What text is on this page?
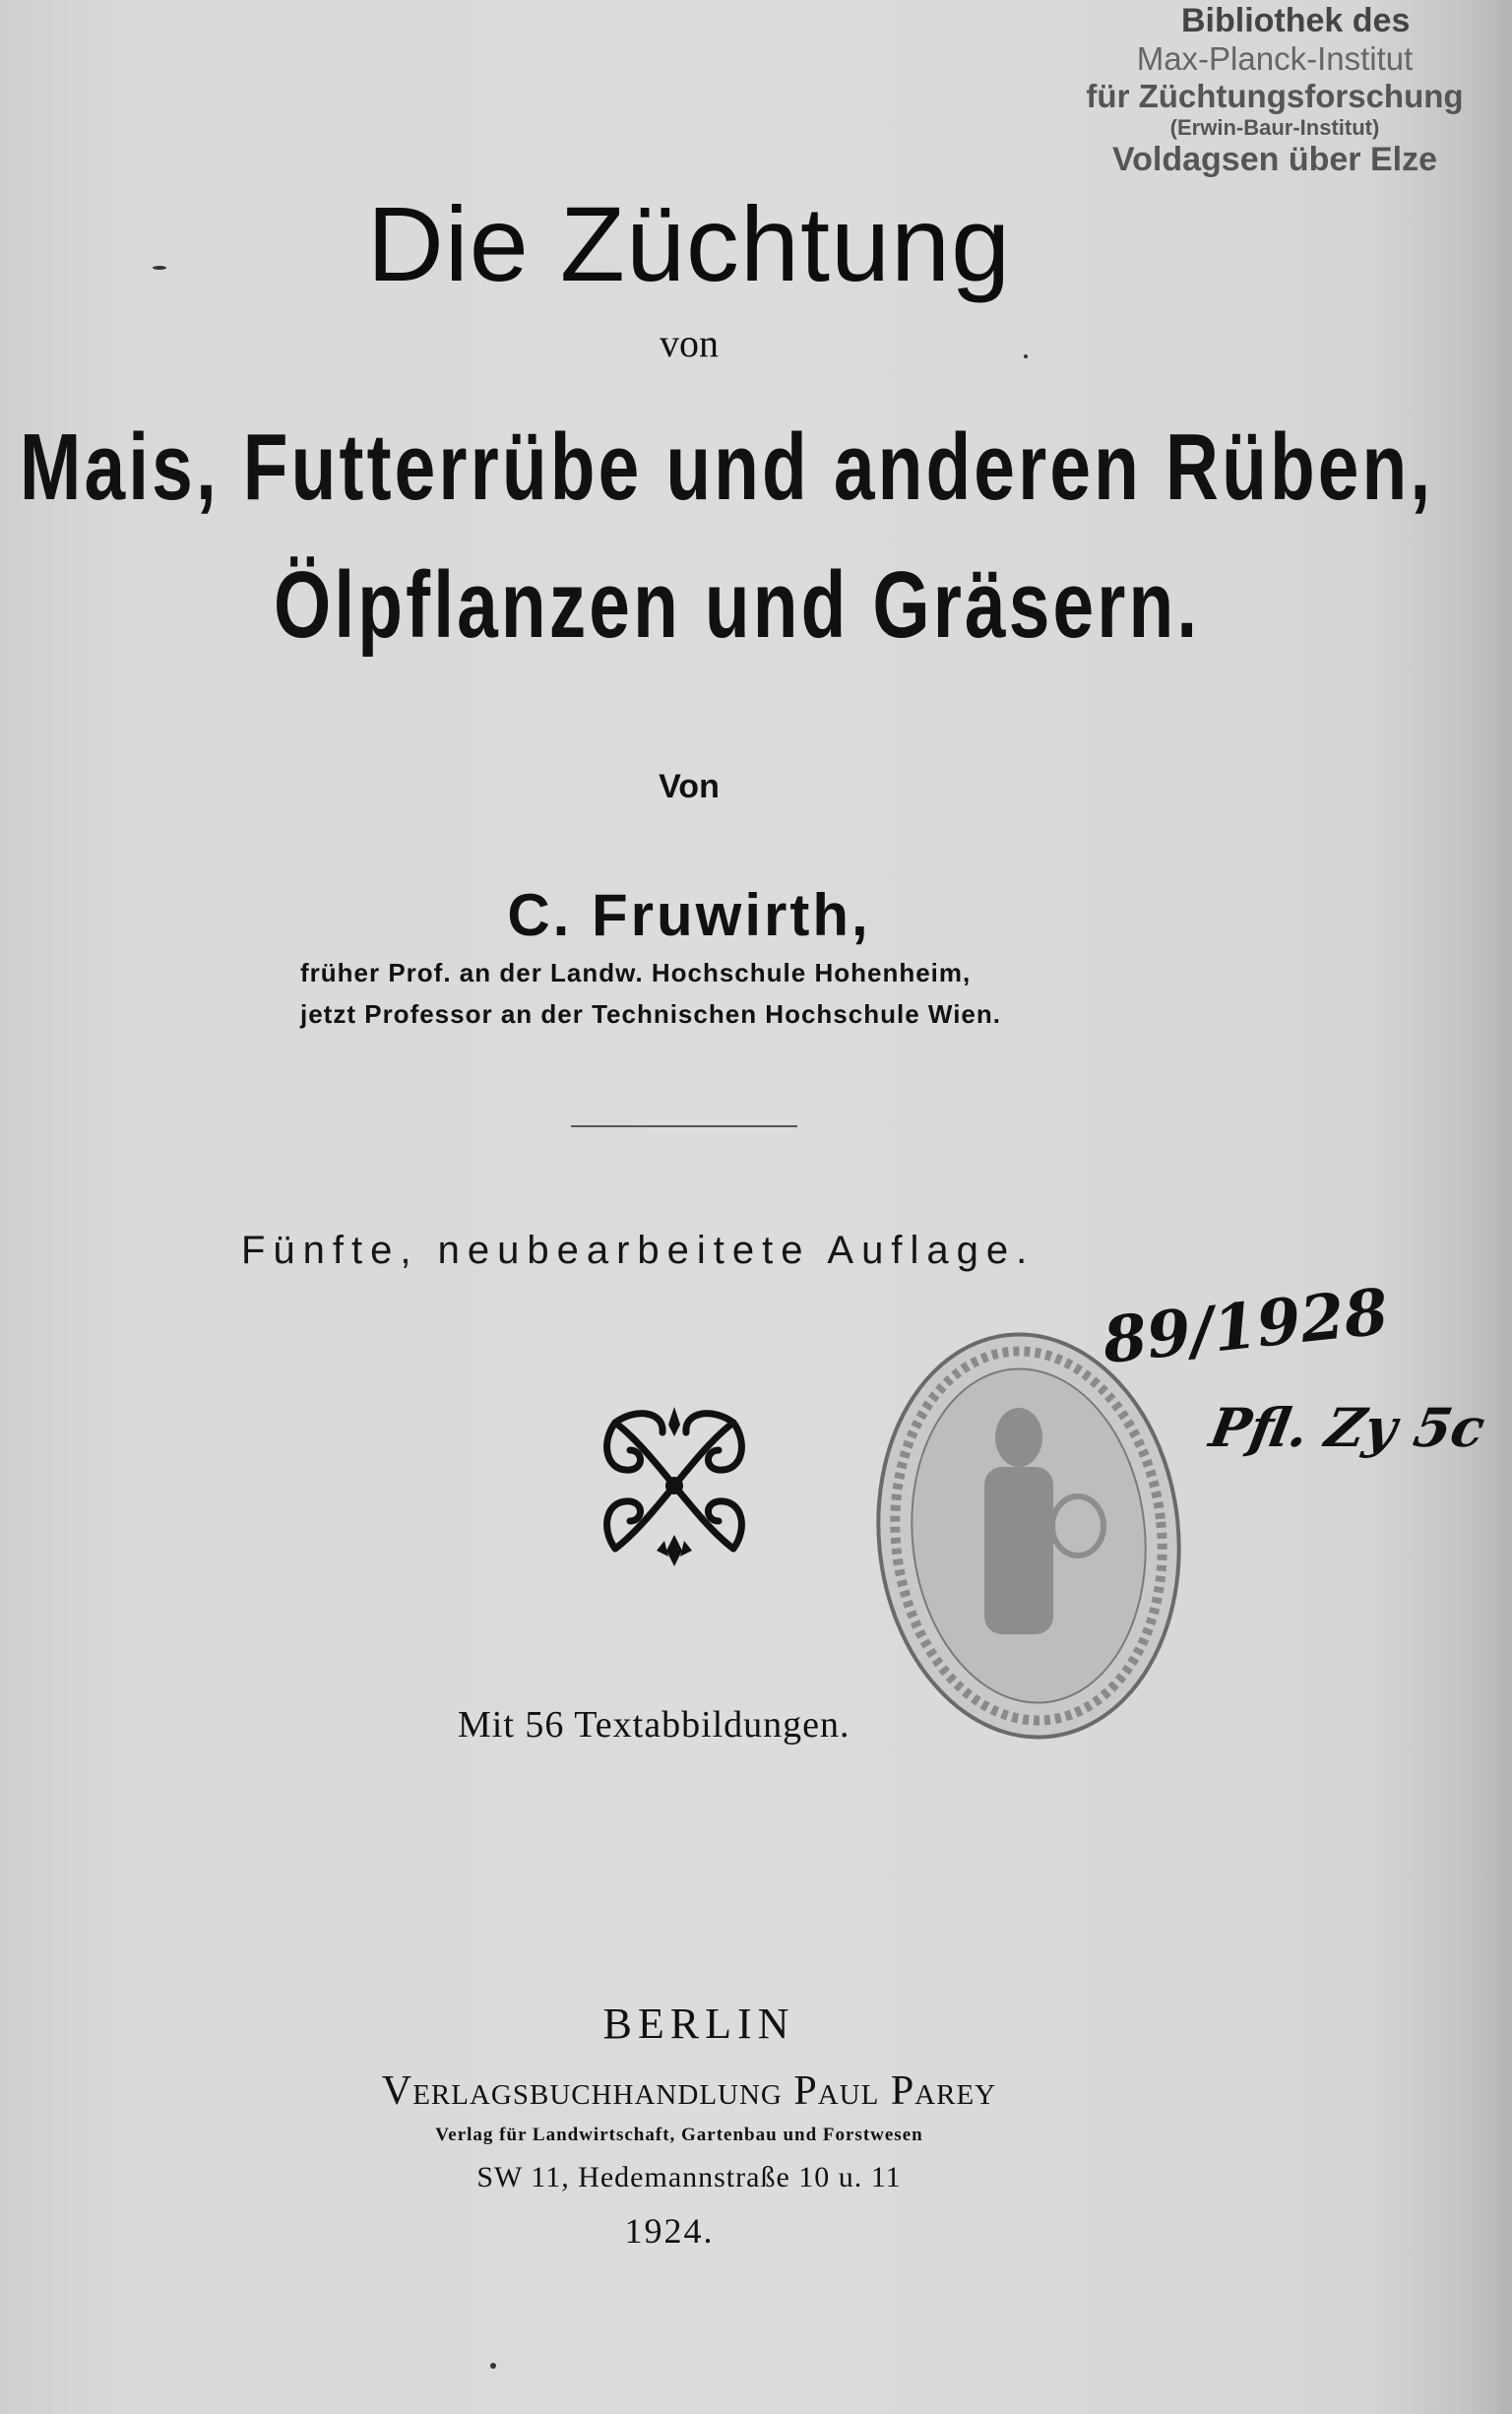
Bibliothek des
Max-Planck-Institut
für Züchtungsforschung
(Erwin-Baur-Institut)
Voldagsen über Elze
Die Züchtung
von
Mais, Futterrübe und anderen Rüben,
Ölpflanzen und Gräsern.
Von
C. Fruwirth,
früher Prof. an der Landw. Hochschule Hohenheim,
jetzt Professor an der Technischen Hochschule Wien.
Fünfte, neubearbeitete Auflage.
89/1928
Pfl. Zy 5c
Mit 56 Textabbildungen.
BERLIN
Verlagsbuchhandlung Paul Parey
Verlag für Landwirtschaft, Gartenbau und Forstwesen
SW 11, Hedemannstraße 10 u. 11
1924.
